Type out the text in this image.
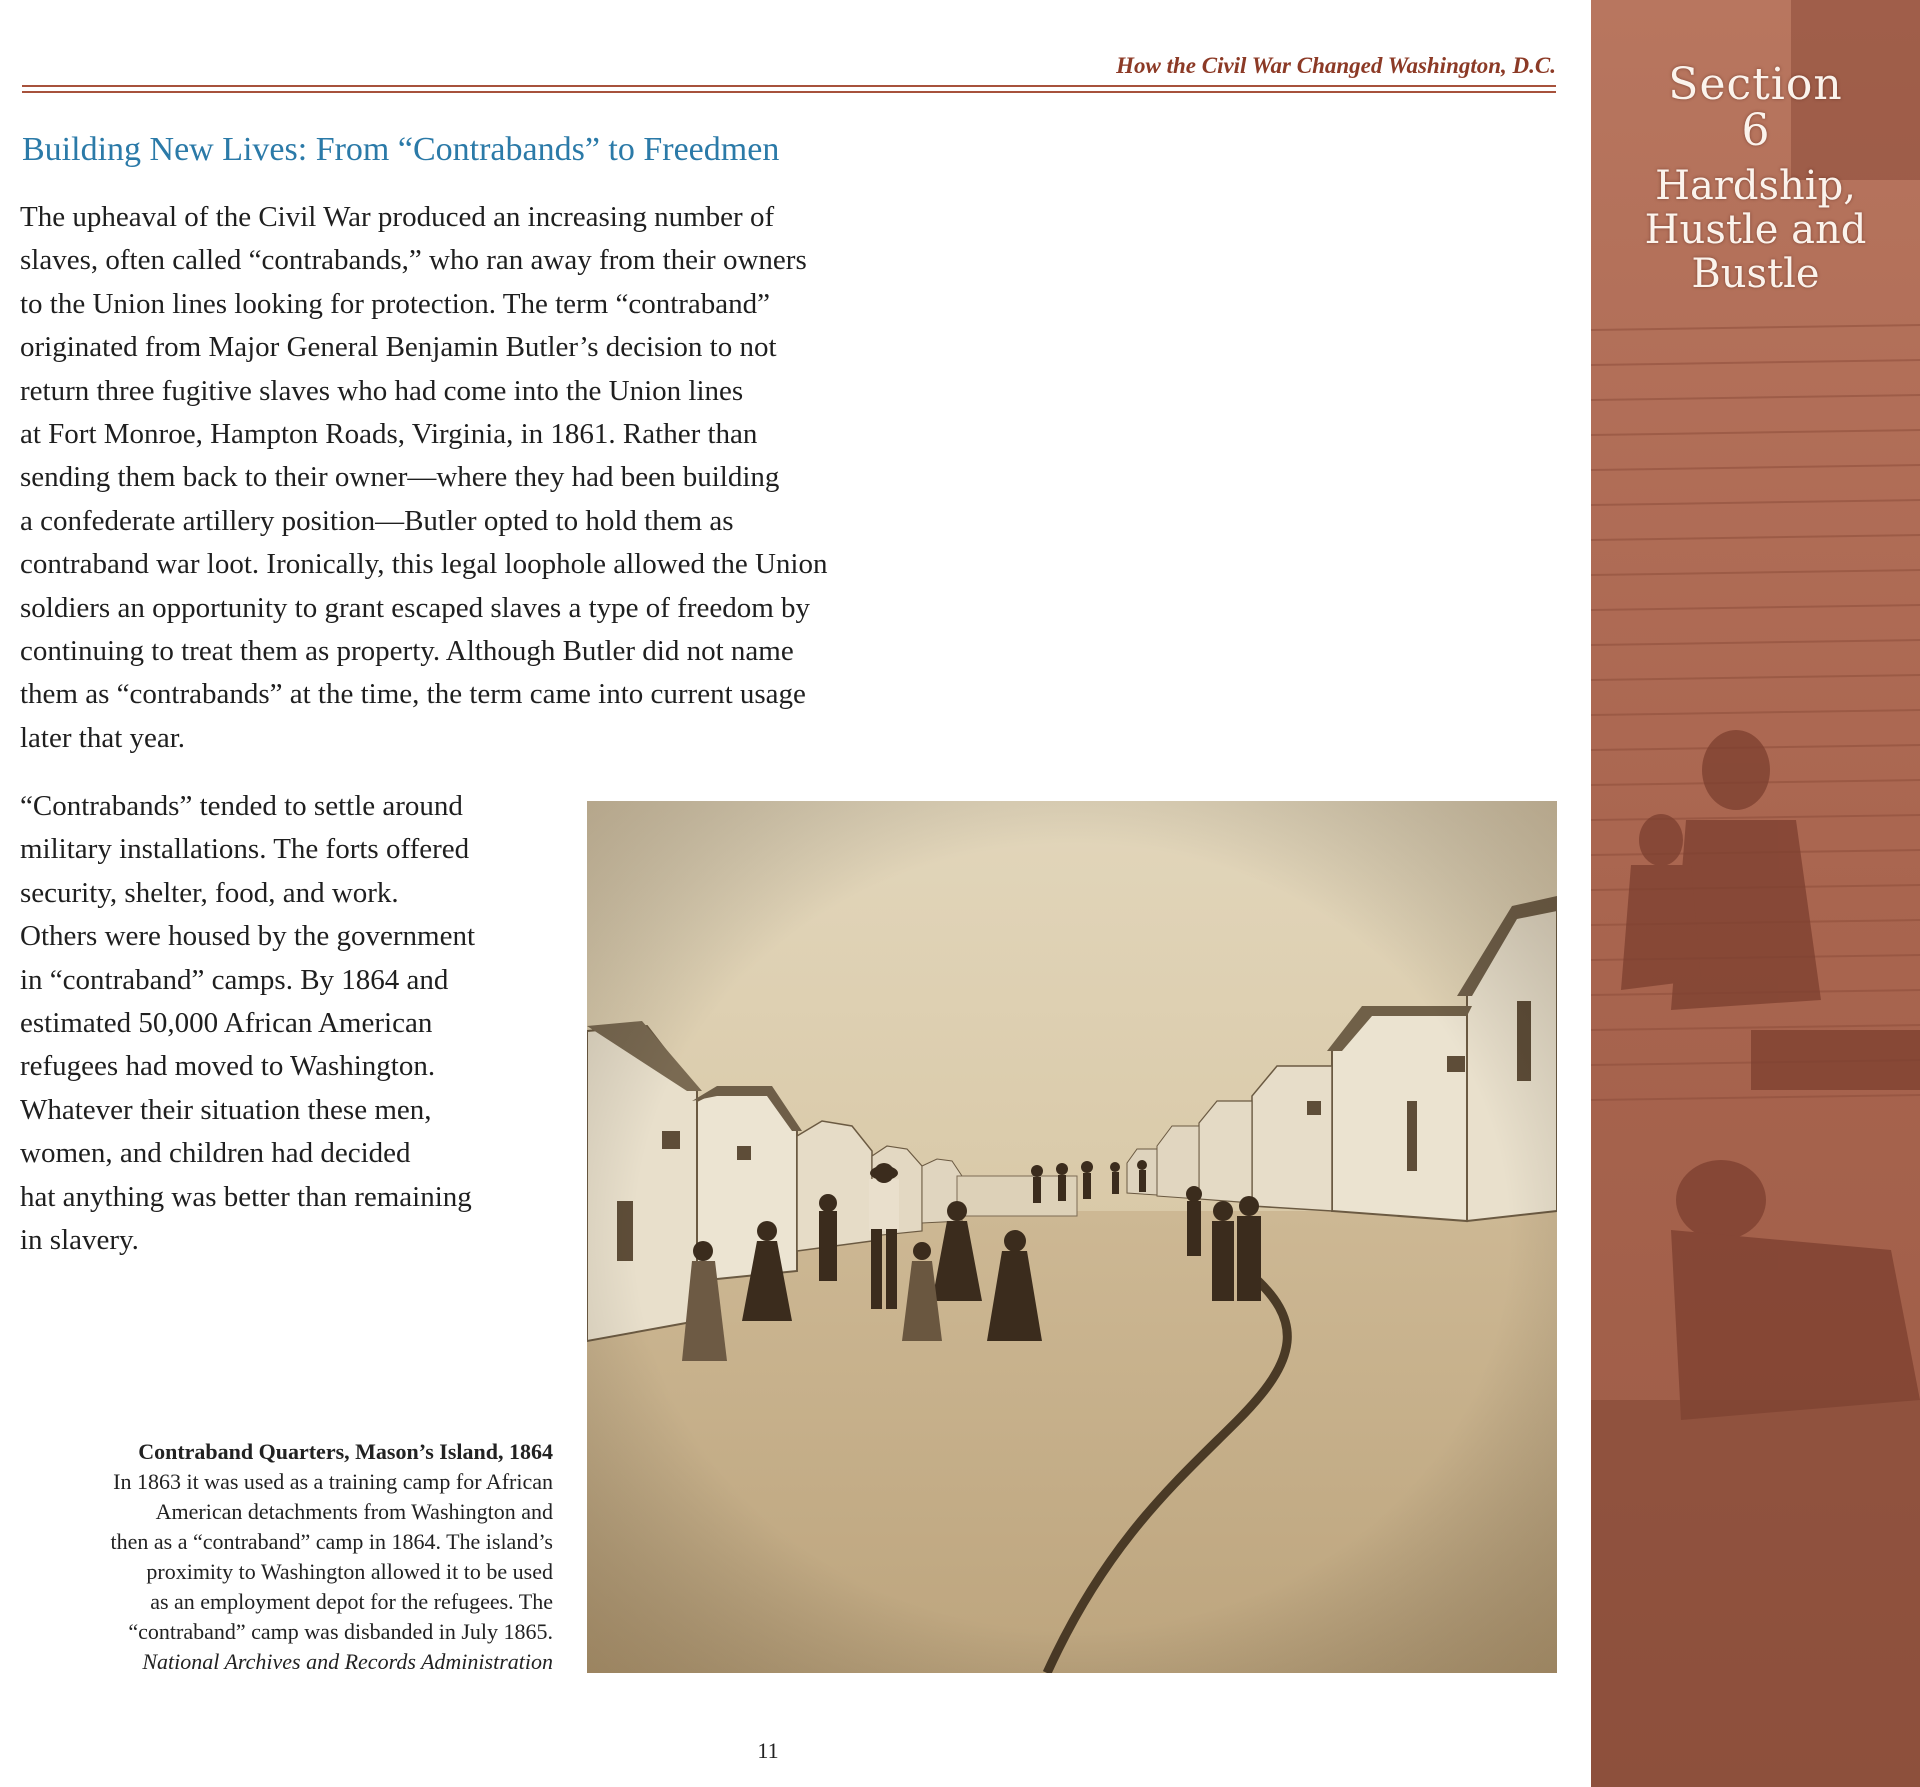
How the Civil War Changed Washington, D.C.
Building New Lives: From “Contrabands” to Freedmen

The upheaval of the Civil War produced an increasing number of
slaves, often called “contrabands,” who ran away from their owners
to the Union lines looking for protection. The term “contraband”
originated from Major General Benjamin Butler’s decision to not
return three fugitive slaves who had come into the Union lines
at Fort Monroe, Hampton Roads, Virginia, in 1861. Rather than
sending them back to their owner—where they had been building
a confederate artillery position—Butler opted to hold them as
contraband war loot. Ironically, this legal loophole allowed the Union
soldiers an opportunity to grant escaped slaves a type of freedom by
continuing to treat them as property. Although Butler did not name
them as “contrabands” at the time, the term came into current usage
later that year.

“Contrabands” tended to settle around
military installations. The forts offered
security, shelter, food, and work.
Others were housed by the government
in “contraband” camps. By 1864 and
estimated 50,000 African American
refugees had moved to Washington.
Whatever their situation these men,
women, and children had decided
hat anything was better than remaining
in slavery.

Contraband Quarters, Mason’s Island, 1864
In 1863 it was used as a training camp for African
American detachments from Washington and
then as a “contraband” camp in 1864. The island’s
proximity to Washington allowed it to be used
as an employment depot for the refugees. The
“contraband” camp was disbanded in July 1865.
National Archives and Records Administration
11
Section
6
Hardship,
Hustle and
Bustle
